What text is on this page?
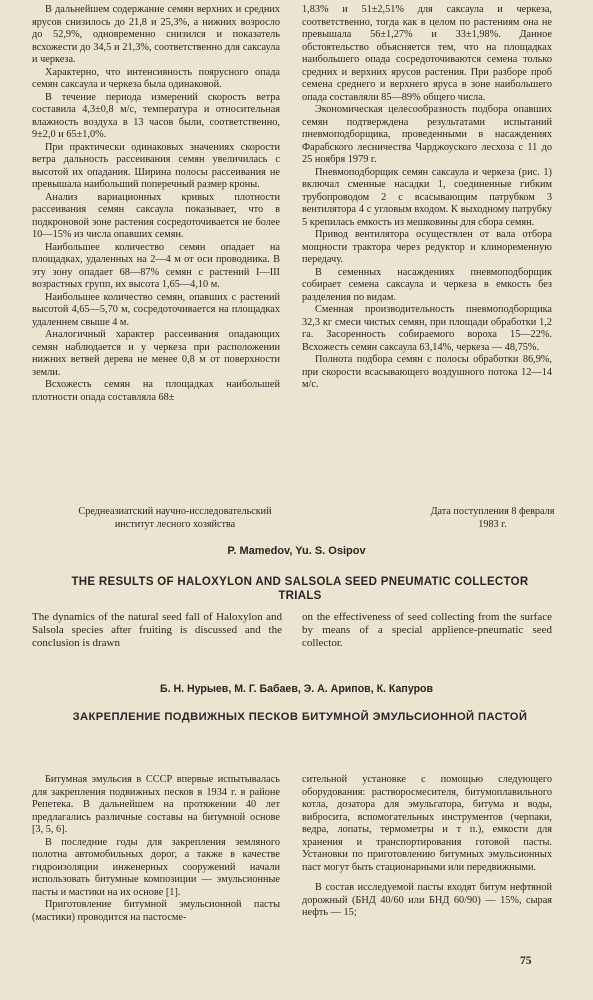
В дальнейшем содержание семян верхних и средних ярусов снизилось до 21,8 и 25,3%, а нижних возросло до 52,9%, одновременно снизился и показатель всхожести до 34,5 и 21,3%, соответственно для саксаула и черкеза.

Характерно, что интенсивность поярусного опада семян саксаула и черкеза была одинаковой.

В течение периода измерений скорость ветра составила 4,3±0,8 м/с, температура и относительная влажность воздуха в 13 часов были, соответственно, 9±2,0 и 65±1,0%.

При практически одинаковых значениях скорости ветра дальность рассеивания семян увеличилась с высотой их опадания. Ширина полосы рассеивания не превышала наибольший поперечный размер кроны.

Анализ вариационных кривых плотности рассеивания семян саксаула показывает, что в подкроновой зоне растения сосредоточивается не более 10—15% из числа опавших семян.

Наибольшее количество семян опадает на площадках, удаленных на 2—4 м от оси проводника. В эту зону опадает 68—87% семян с растений I—III возрастных групп, их высота 1,65—4,10 м.

Наибольшее количество семян, опавших с растений высотой 4,65—5,70 м, сосредоточивается на площадках удаленнем свыше 4 м.

Аналогичный характер рассеивания опадающих семян наблюдается и у черкеза при расположении нижних ветвей дерева не менее 0,8 м от поверхности земли.

Всхожесть семян на площадках наибольшей плотности опада составляла 68±

1,83% и 51±2,51% для саксаула и черкеза, соответственно, тогда как в целом по растениям она не превышала 56±1,27% и 33±1,98%. Данное обстоятельство объясняется тем, что на площадках наибольшего опада сосредоточиваются семена только средних и верхних ярусов растения. При разборе проб семена среднего и верхнего яруса в зоне наибольшего опада составляли 85—89% общего числа.

Экономическая целесообразность подбора опавших семян подтверждена результатами испытаний пневмоподборщика, проведенными в насаждениях Фарабского лесничества Чарджоуского лесхоза с 11 до 25 ноября 1979 г.

Пневмоподборщик семян саксаула и черкеза (рис. 1) включал сменные насадки 1, соединенные гибким трубопроводом 2 с всасывающим патрубком 3 вентилятора 4 с угловым входом. К выходному патрубку 5 крепилась емкость из мешковины для сбора семян.

Привод вентилятора осуществлен от вала отбора мощности трактора через редуктор и клиноременную передачу.

В семенных насаждениях пневмоподборщик собирает семена саксаула и черкеза в емкость без разделения по видам.

Сменная производительность пневмоподборщика 32,3 кг смеси чистых семян, при площади обработки 1,2 га. Засоренность собираемого вороха 15—22%. Всхожесть семян саксаула 63,14%, черкеза — 48,75%.

Полнота подбора семян с полосы обработки 86,9%, при скорости всасывающего воздушного потока 12—14 м/с.

Среднеазиатский научно-исследовательский институт лесного хозяйства
Дата поступления 8 февраля 1983 г.
P. Mamedov, Yu. S. Osipov
THE RESULTS OF HALOXYLON AND SALSOLA SEED PNEUMATIC COLLECTOR TRIALS
The dynamics of the natural seed fall of Haloxylon and Salsola species after fruiting is discussed and the conclusion is drawn
on the effectiveness of seed collecting from the surface by means of a special applience-pneumatic seed collector.
Б. Н. Нурыев, М. Г. Бабаев, Э. А. Арипов, К. Капуров
ЗАКРЕПЛЕНИЕ ПОДВИЖНЫХ ПЕСКОВ БИТУМНОЙ ЭМУЛЬСИОННОЙ ПАСТОЙ

Битумная эмульсия в СССР впервые испытывалась для закрепления подвижных песков в 1934 г. в районе Репетека. В дальнейшем на протяжении 40 лет предлагались различные составы на битумной основе [3, 5, 6].

В последние годы для закрепления земляного полотна автомобильных дорог, а также в качестве гидроизоляции инженерных сооружений начали использовать битумные композиции — эмульсионные пасты и мастики на их основе [1].

Приготовление битумной эмульсионной пасты (мастики) проводится на пастосме-

сительной установке с помощью следующего оборудования: растворосмесителя, битумоплавильного котла, дозатора для эмульгатора, битума и воды, вибросита, вспомогательных инструментов (черпаки, ведра, лопаты, термометры и т п.), емкости для хранения и транспортирования готовой пасты. Установки по приготовлению битумных эмульсионных паст могут быть стационарными или передвижными.

В состав исследуемой пасты входят битум нефтяной дорожный (БНД 40/60 или БНД 60/90) — 15%, сырая нефть — 15;

75
